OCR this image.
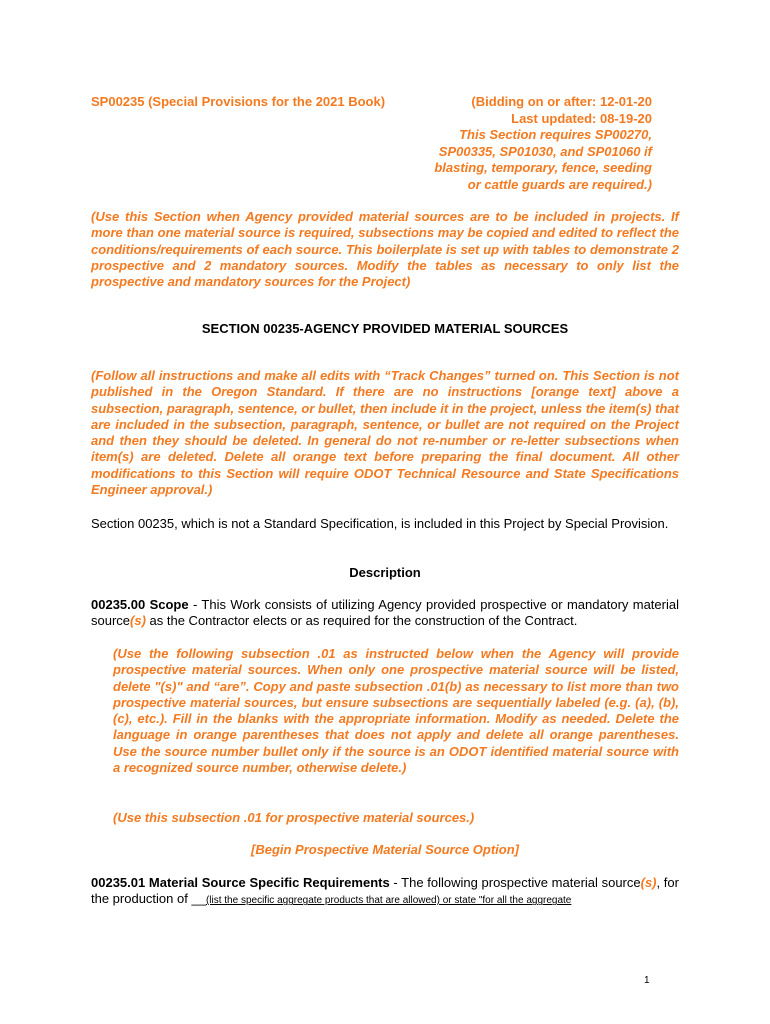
SP00235 (Special Provisions for the 2021 Book)	(Bidding on or after: 12-01-20
Last updated: 08-19-20
This Section requires SP00270,
SP00335, SP01030, and SP01060 if
blasting, temporary, fence, seeding
or cattle guards are required.)
(Use this Section when Agency provided material sources are to be included in projects. If more than one material source is required, subsections may be copied and edited to reflect the conditions/requirements of each source. This boilerplate is set up with tables to demonstrate 2 prospective and 2 mandatory sources. Modify the tables as necessary to only list the prospective and mandatory sources for the Project)
SECTION 00235-AGENCY PROVIDED MATERIAL SOURCES
(Follow all instructions and make all edits with “Track Changes” turned on. This Section is not published in the Oregon Standard. If there are no instructions [orange text] above a subsection, paragraph, sentence, or bullet, then include it in the project, unless the item(s) that are included in the subsection, paragraph, sentence, or bullet are not required on the Project and then they should be deleted. In general do not re-number or re-letter subsections when item(s) are deleted. Delete all orange text before preparing the final document. All other modifications to this Section will require ODOT Technical Resource and State Specifications Engineer approval.)
Section 00235, which is not a Standard Specification, is included in this Project by Special Provision.
Description
00235.00 Scope - This Work consists of utilizing Agency provided prospective or mandatory material source(s) as the Contractor elects or as required for the construction of the Contract.
(Use the following subsection .01 as instructed below when the Agency will provide prospective material sources. When only one prospective material source will be listed, delete "(s)" and “are”. Copy and paste subsection .01(b) as necessary to list more than two prospective material sources, but ensure subsections are sequentially labeled (e.g. (a), (b), (c), etc.). Fill in the blanks with the appropriate information. Modify as needed. Delete the language in orange parentheses that does not apply and delete all orange parentheses. Use the source number bullet only if the source is an ODOT identified material source with a recognized source number, otherwise delete.)
(Use this subsection .01 for prospective material sources.)
[Begin Prospective Material Source Option]
00235.01 Material Source Specific Requirements - The following prospective material source(s), for the production of __(list the specific aggregate products that are allowed) or state "for all the aggregate
1
